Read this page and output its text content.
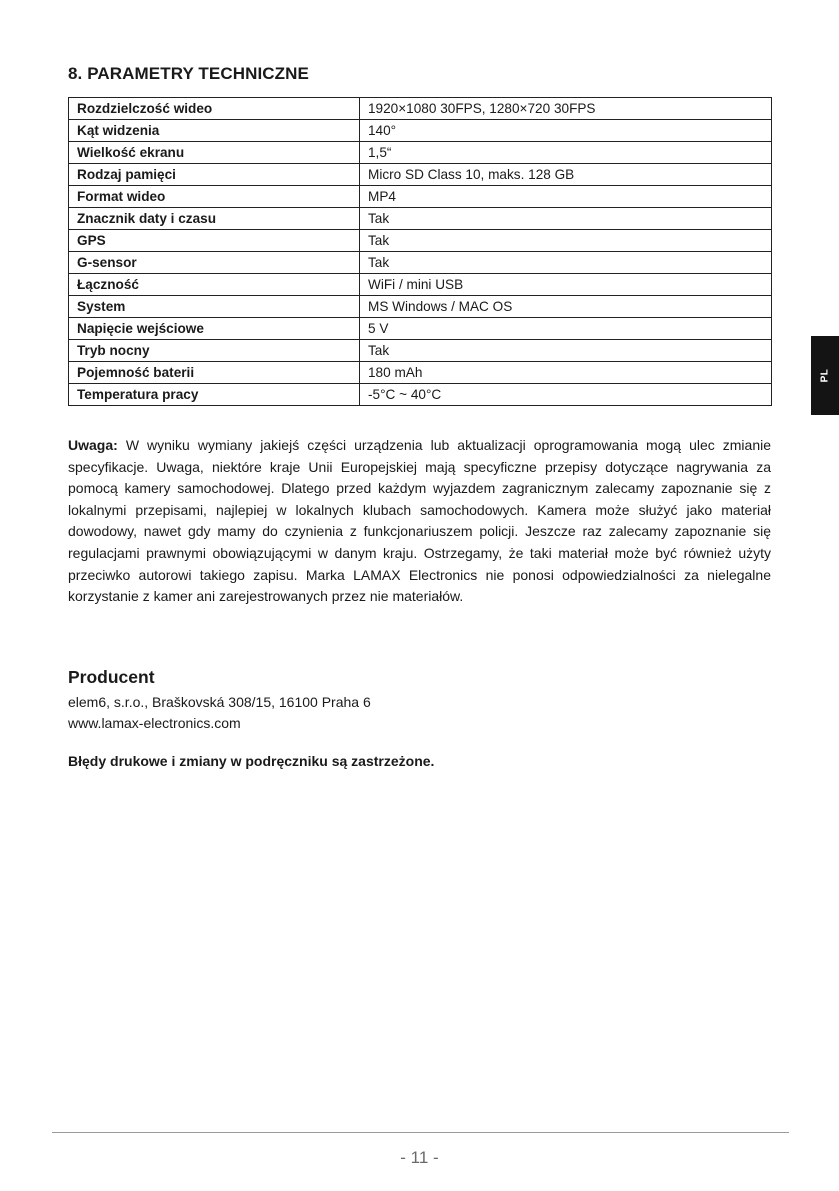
8. PARAMETRY TECHNICZNE
Rozdzielczość wideo	1920×1080 30FPS, 1280×720 30FPS
Kąt widzenia	140°
Wielkość ekranu	1,5“
Rodzaj pamięci	Micro SD Class 10, maks. 128 GB
Format wideo	MP4
Znacznik daty i czasu	Tak
GPS	Tak
G-sensor	Tak
Łączność	WiFi / mini USB
System	MS Windows / MAC OS
Napięcie wejściowe	5 V
Tryb nocny	Tak
Pojemność baterii	180 mAh
Temperatura pracy	-5°C ~ 40°C
PL

Uwaga: W wyniku wymiany jakiejś części urządzenia lub aktualizacji oprogramowania mogą ulec zmianie specyfikacje. Uwaga, niektóre kraje Unii Europejskiej mają specyficzne przepisy dotyczące nagrywania za pomocą kamery samochodowej. Dlatego przed każdym wyjazdem zagranicznym zalecamy zapoznanie się z lokalnymi przepisami, najlepiej w lokalnych klubach samochodowych. Kamera może służyć jako materiał dowodowy, nawet gdy mamy do czynienia z funkcjonariuszem policji. Jeszcze raz zalecamy zapoznanie się regulacjami prawnymi obowiązującymi w danym kraju. Ostrzegamy, że taki materiał może być również użyty przeciwko autorowi takiego zapisu. Marka LAMAX Electronics nie ponosi odpowiedzialności za nielegalne korzystanie z kamer ani zarejestrowanych przez nie materiałów.

Producent

elem6, s.r.o., Braškovská 308/15, 16100 Praha 6

www.lamax-electronics.com

Błędy drukowe i zmiany w podręczniku są zastrzeżone.

- 11 -
